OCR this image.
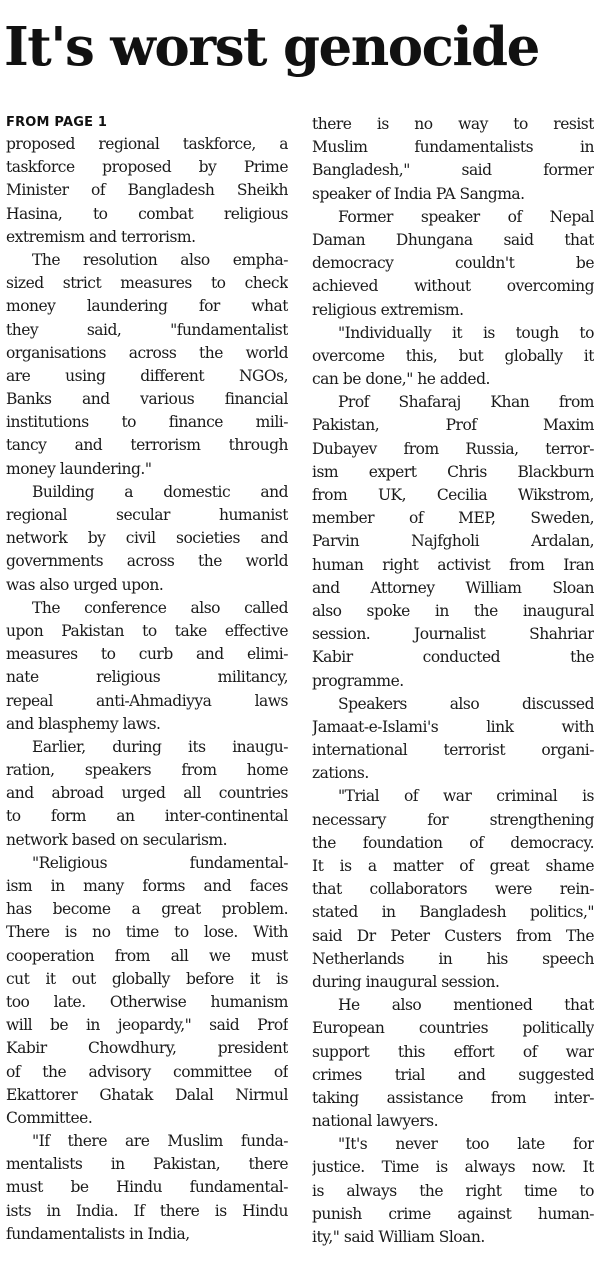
It's worst genocide
FROM PAGE 1
proposed regional taskforce, a
taskforce proposed by Prime
Minister of Bangladesh Sheikh
Hasina, to combat religious
extremism and terrorism.
The resolution also empha-
sized strict measures to check
money laundering for what
they said, "fundamentalist
organisations across the world
are using different NGOs,
Banks and various financial
institutions to finance mili-
tancy and terrorism through
money laundering."
Building a domestic and
regional secular humanist
network by civil societies and
governments across the world
was also urged upon.
The conference also called
upon Pakistan to take effective
measures to curb and elimi-
nate religious militancy,
repeal anti-Ahmadiyya laws
and blasphemy laws.
Earlier, during its inaugu-
ration, speakers from home
and abroad urged all countries
to form an inter-continental
network based on secularism.
"Religious fundamental-
ism in many forms and faces
has become a great problem.
There is no time to lose. With
cooperation from all we must
cut it out globally before it is
too late. Otherwise humanism
will be in jeopardy," said Prof
Kabir Chowdhury, president
of the advisory committee of
Ekattorer Ghatak Dalal Nirmul
Committee.
"If there are Muslim funda-
mentalists in Pakistan, there
must be Hindu fundamental-
ists in India. If there is Hindu
fundamentalists in India,
there is no way to resist
Muslim fundamentalists in
Bangladesh," said former
speaker of India PA Sangma.
Former speaker of Nepal
Daman Dhungana said that
democracy couldn't be
achieved without overcoming
religious extremism.
"Individually it is tough to
overcome this, but globally it
can be done," he added.
Prof Shafaraj Khan from
Pakistan, Prof Maxim
Dubayev from Russia, terror-
ism expert Chris Blackburn
from UK, Cecilia Wikstrom,
member of MEP, Sweden,
Parvin Najfgholi Ardalan,
human right activist from Iran
and Attorney William Sloan
also spoke in the inaugural
session. Journalist Shahriar
Kabir conducted the
programme.
Speakers also discussed
Jamaat-e-Islami's link with
international terrorist organi-
zations.
"Trial of war criminal is
necessary for strengthening
the foundation of democracy.
It is a matter of great shame
that collaborators were rein-
stated in Bangladesh politics,"
said Dr Peter Custers from The
Netherlands in his speech
during inaugural session.
He also mentioned that
European countries politically
support this effort of war
crimes trial and suggested
taking assistance from inter-
national lawyers.
"It's never too late for
justice. Time is always now. It
is always the right time to
punish crime against human-
ity," said William Sloan.
